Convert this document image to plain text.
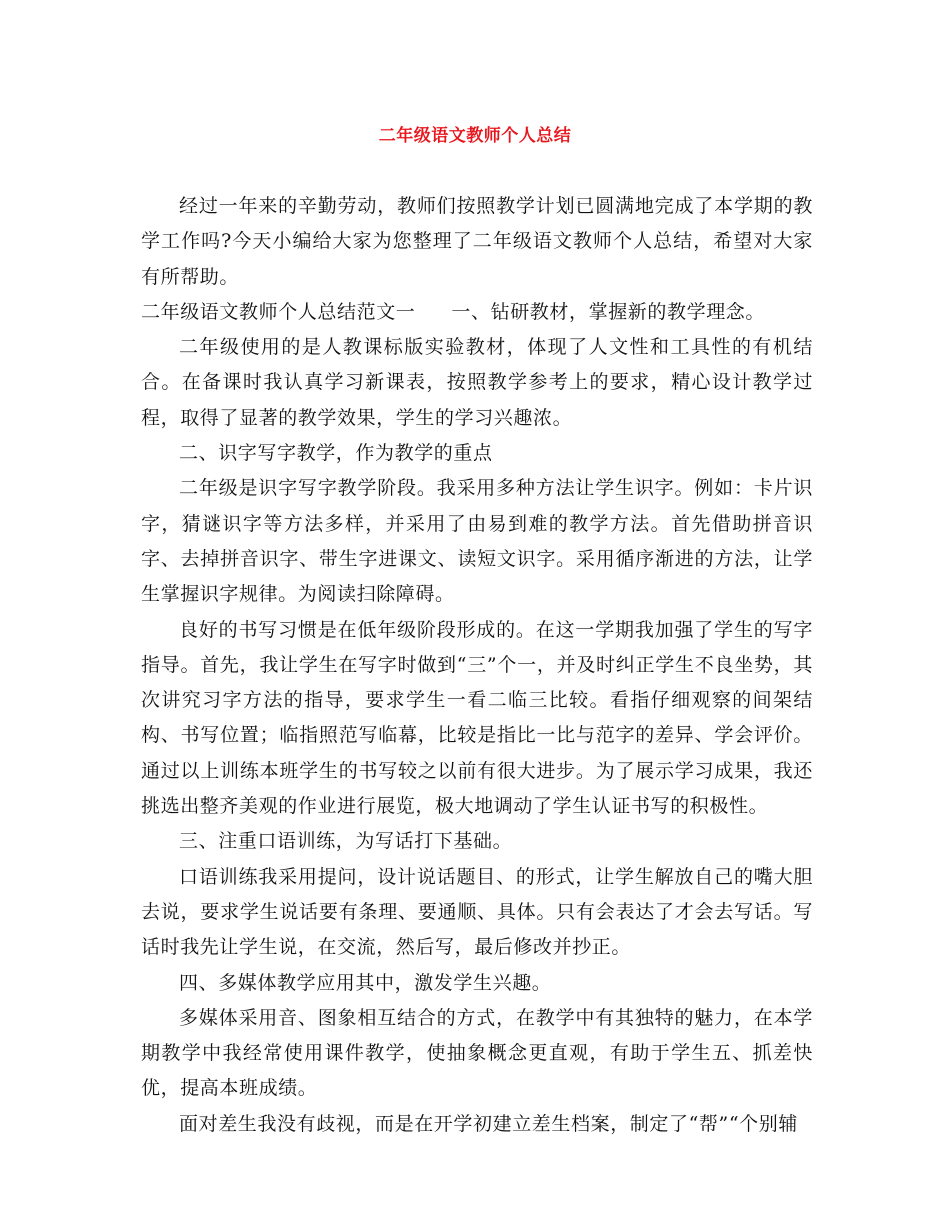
二年级语文教师个人总结

经过一年来的辛勤劳动，教师们按照教学计划已圆满地完成了本学期的教学工作吗?今天小编给大家为您整理了二年级语文教师个人总结，希望对大家有所帮助。

二年级语文教师个人总结范文一 一、钻研教材，掌握新的教学理念。

二年级使用的是人教课标版实验教材，体现了人文性和工具性的有机结合。在备课时我认真学习新课表，按照教学参考上的要求，精心设计教学过程，取得了显著的教学效果，学生的学习兴趣浓。

二、识字写字教学，作为教学的重点

二年级是识字写字教学阶段。我采用多种方法让学生识字。例如：卡片识字，猜谜识字等方法多样，并采用了由易到难的教学方法。首先借助拼音识字、去掉拼音识字、带生字进课文、读短文识字。采用循序渐进的方法，让学生掌握识字规律。为阅读扫除障碍。

良好的书写习惯是在低年级阶段形成的。在这一学期我加强了学生的写字指导。首先，我让学生在写字时做到“三”个一，并及时纠正学生不良坐势，其次讲究习字方法的指导，要求学生一看二临三比较。看指仔细观察的间架结构、书写位置；临指照范写临幕，比较是指比一比与范字的差异、学会评价。通过以上训练本班学生的书写较之以前有很大进步。为了展示学习成果，我还挑选出整齐美观的作业进行展览，极大地调动了学生认证书写的积极性。

三、注重口语训练，为写话打下基础。

口语训练我采用提问，设计说话题目、的形式，让学生解放自己的嘴大胆去说，要求学生说话要有条理、要通顺、具体。只有会表达了才会去写话。写话时我先让学生说，在交流，然后写，最后修改并抄正。

四、多媒体教学应用其中，激发学生兴趣。

多媒体采用音、图象相互结合的方式，在教学中有其独特的魅力，在本学期教学中我经常使用课件教学，使抽象概念更直观，有助于学生五、抓差快优，提高本班成绩。

面对差生我没有歧视，而是在开学初建立差生档案，制定了“帮”“个别辅
